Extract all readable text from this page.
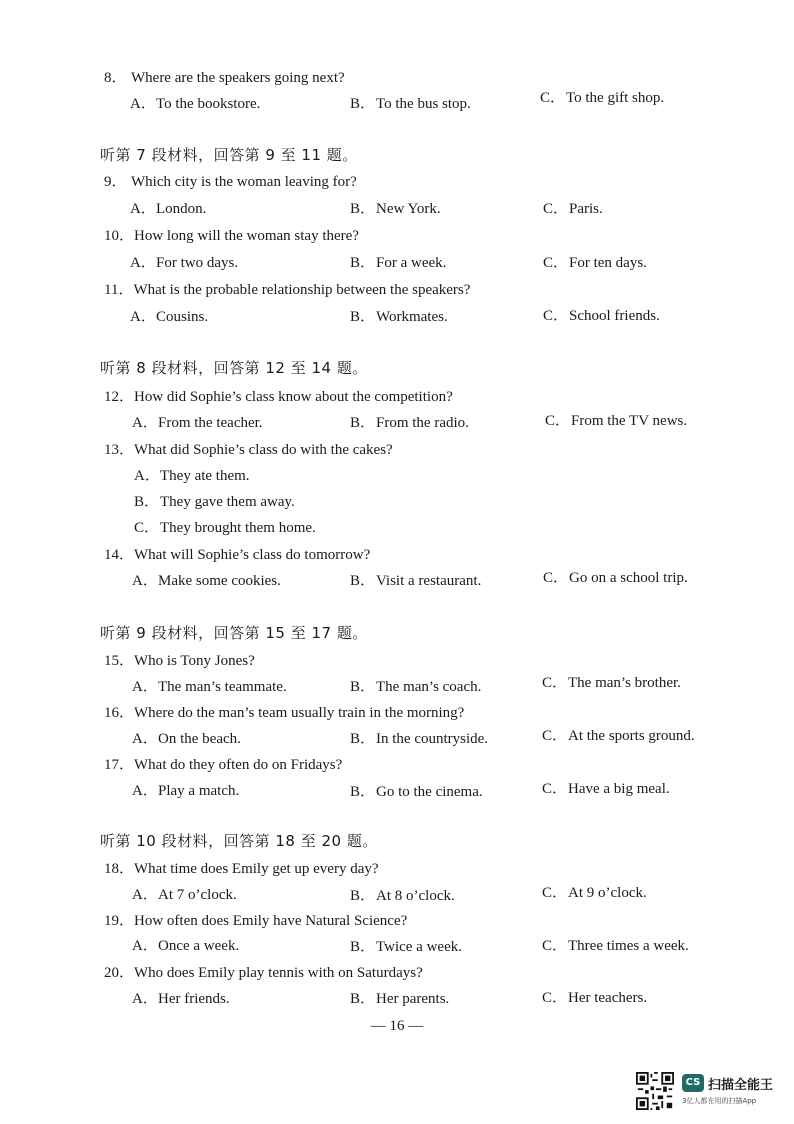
8． Where are the speakers going next?
A．To the bookstore.	B．To the bus stop.	C．To the gift shop.
听第 7 段材料，回答第 9 至 11 题。
9． Which city is the woman leaving for?
A．London.	B．New York.	C．Paris.
10．How long will the woman stay there?
A．For two days.	B．For a week.	C．For ten days.
11．What is the probable relationship between the speakers?
A．Cousins.	B．Workmates.	C．School friends.
听第 8 段材料，回答第 12 至 14 题。
12．How did Sophie’s class know about the competition?
A．From the teacher.	B．From the radio.	C．From the TV news.
13．What did Sophie’s class do with the cakes?
A．They ate them.
B．They gave them away.
C．They brought them home.
14．What will Sophie’s class do tomorrow?
A．Make some cookies.	B．Visit a restaurant.	C．Go on a school trip.
听第 9 段材料，回答第 15 至 17 题。
15．Who is Tony Jones?
A．The man’s teammate.	B．The man’s coach.	C．The man’s brother.
16．Where do the man’s team usually train in the morning?
A．On the beach.	B．In the countryside.	C．At the sports ground.
17．What do they often do on Fridays?
A．Play a match.	B．Go to the cinema.	C．Have a big meal.
听第 10 段材料，回答第 18 至 20 题。
18．What time does Emily get up every day?
A．At 7 o’clock.	B．At 8 o’clock.	C．At 9 o’clock.
19．How often does Emily have Natural Science?
A．Once a week.	B．Twice a week.	C．Three times a week.
20．Who does Emily play tennis with on Saturdays?
A．Her friends.	B．Her parents.	C．Her teachers.
— 16 —
CS 扫描全能王
3亿人都在用的扫描App
